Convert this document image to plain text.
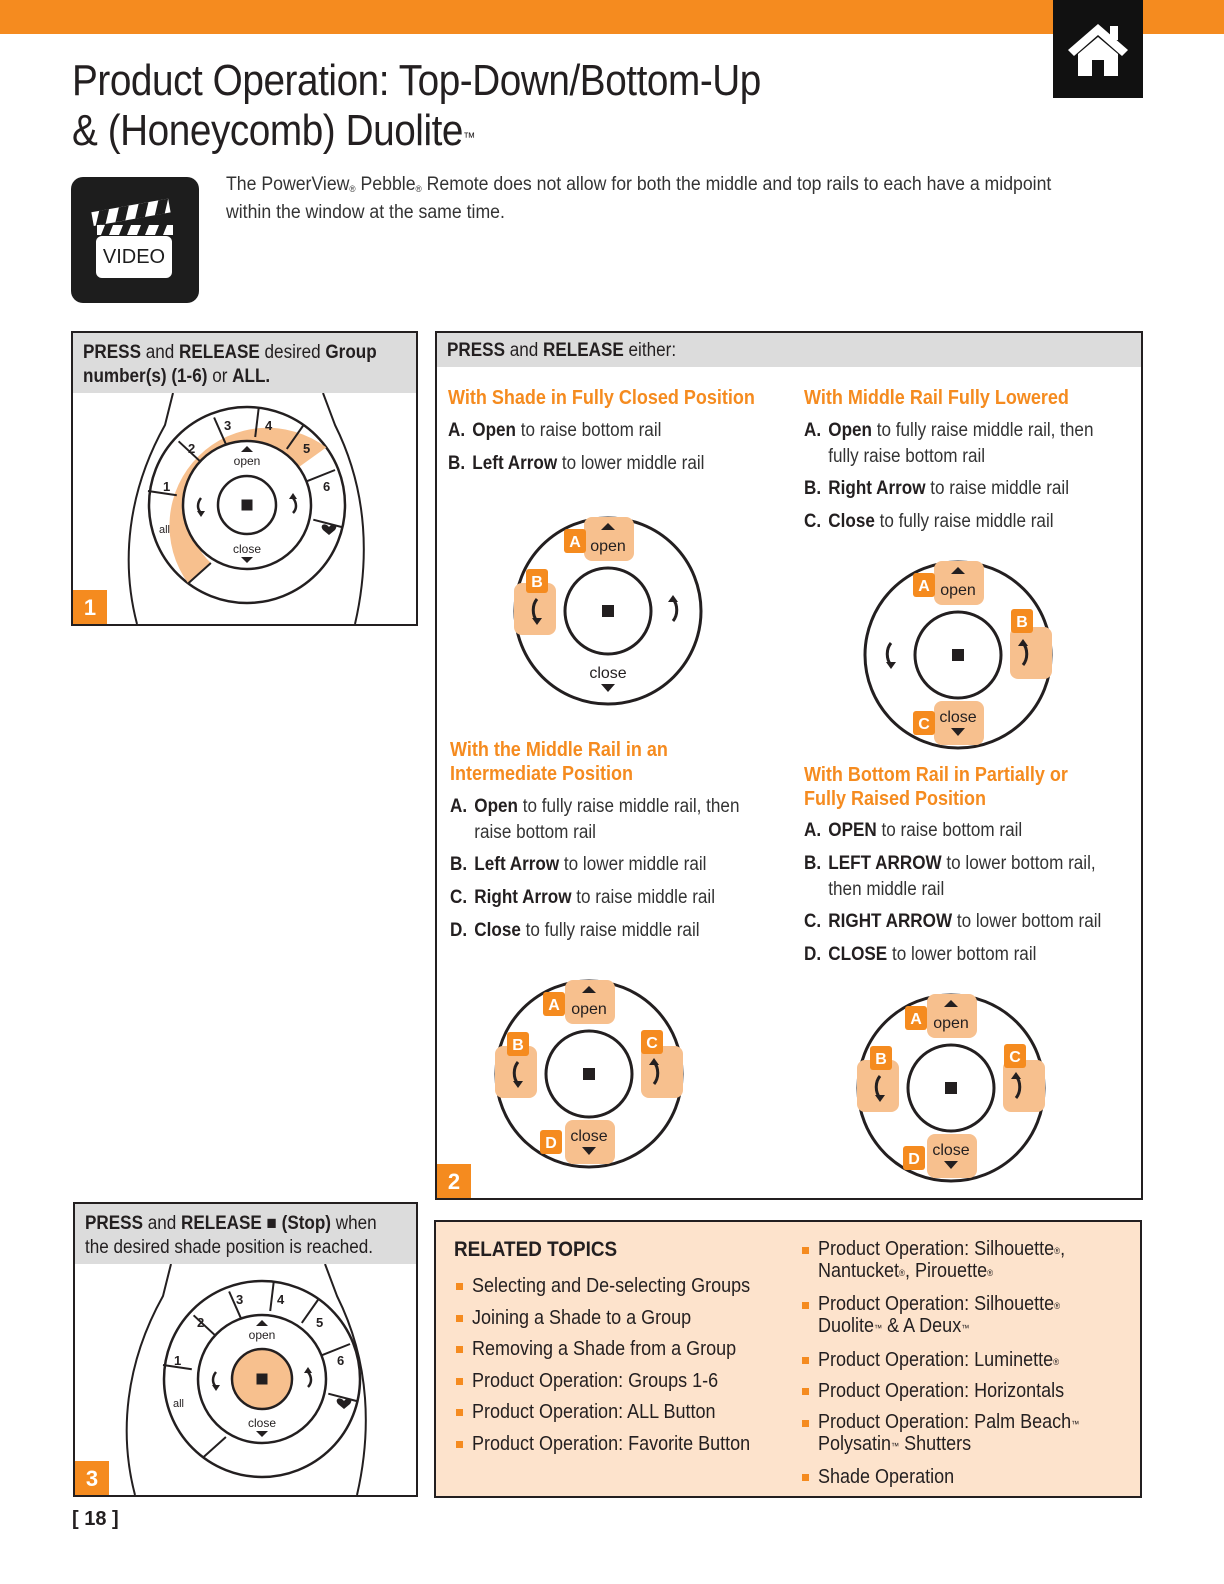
Product Operation: Top-Down/Bottom-Up
& (Honeycomb) Duolite™
VIDEO
The PowerView® Pebble® Remote does not allow for both the middle and top rails to each have a midpoint within the window at the same time.
PRESS and RELEASE desired Group
number(s) (1-6) or ALL.
open
close
2
3	4
5
1	6
all
1
PRESS and RELEASE either:
2
With Shade in Fully Closed Position
A. Open to raise bottom rail
B. Left Arrow to lower middle rail
With Middle Rail Fully Lowered
A. Open to fully raise middle rail, then
fully raise bottom rail
B. Right Arrow to raise middle rail
C. Close to fully raise middle rail
With the Middle Rail in an
Intermediate Position
A. Open to fully raise middle rail, then
raise bottom rail
B. Left Arrow to lower middle rail
C. Right Arrow to raise middle rail
D. Close to fully raise middle rail
With Bottom Rail in Partially or
Fully Raised Position
A. OPEN to raise bottom rail
B. LEFT ARROW to lower bottom rail,
then middle rail
C. RIGHT ARROW to lower bottom rail
D. CLOSE to lower bottom rail
open
close
A
B	open
close
A
B
C
open
close
A
B	C
D
open
close
A
B	C
D
PRESS and RELEASE ■ (Stop) when
the desired shade position is reached.
open
close
2
3	4
5
1	6
all
3
RELATED TOPICS
Selecting and De-selecting Groups
Joining a Shade to a Group
Removing a Shade from a Group
Product Operation: Groups 1-6
Product Operation: ALL Button
Product Operation: Favorite Button
Product Operation: Silhouette®,
Nantucket®, Pirouette®
Product Operation: Silhouette®
Duolite™ & A Deux™
Product Operation: Luminette®
Product Operation: Horizontals
Product Operation: Palm Beach™
Polysatin™ Shutters
Shade Operation
[ 18 ]
